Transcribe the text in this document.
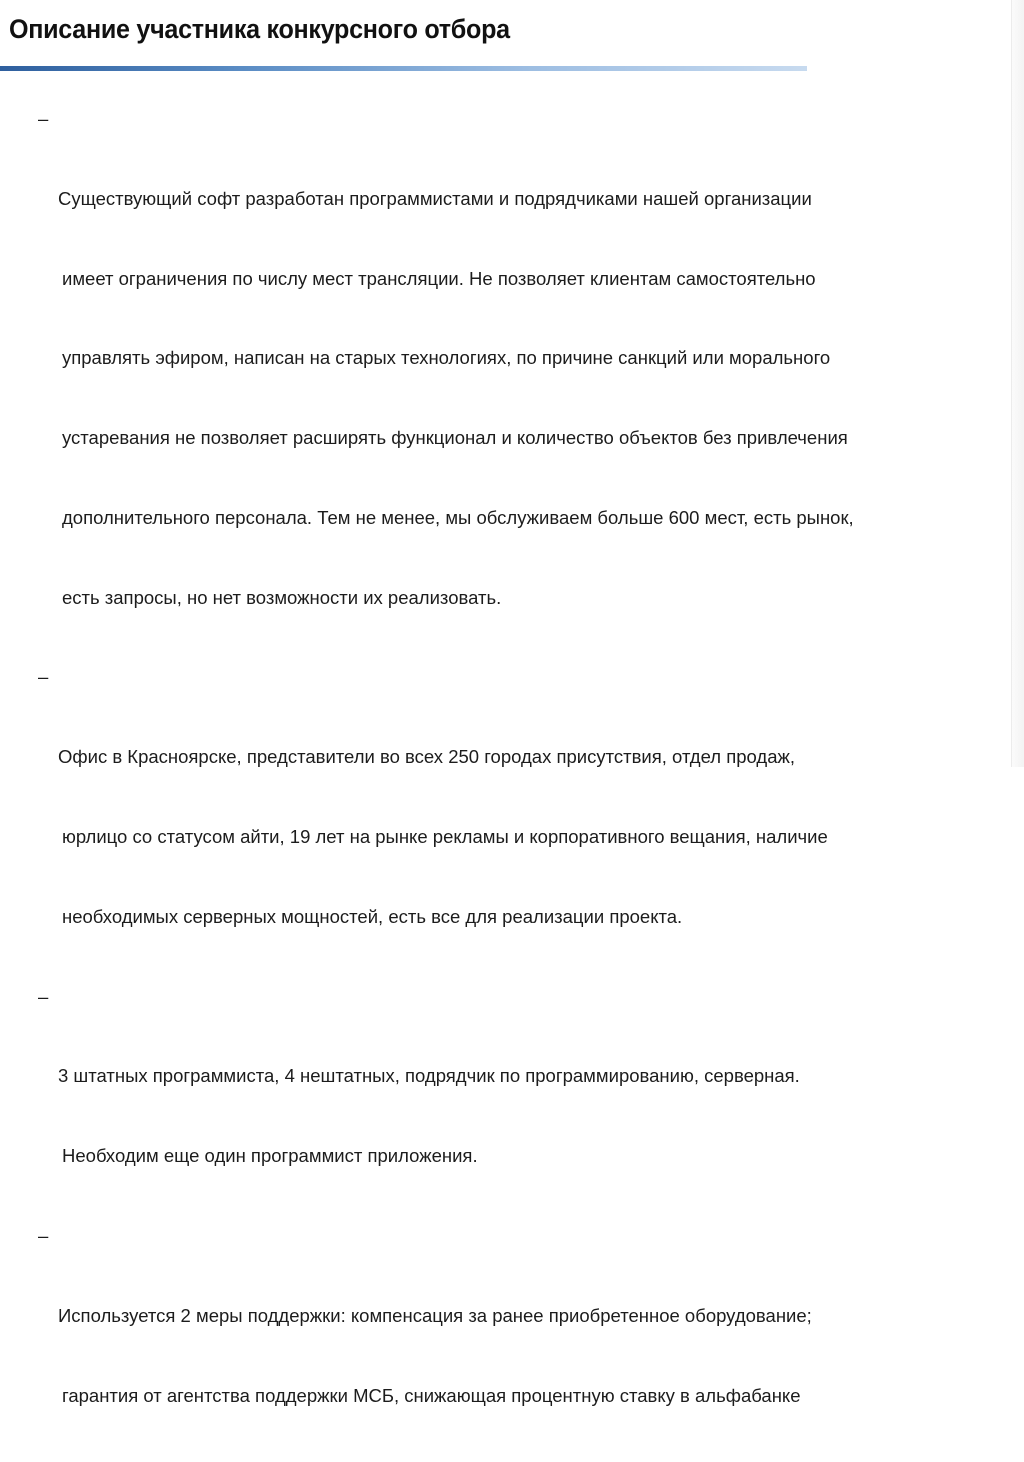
Описание участника конкурсного отбора

–

Существующий софт разработан программистами и подрядчиками нашей организации

имеет ограничения по числу мест трансляции. Не позволяет клиентам самостоятельно

управлять эфиром, написан на старых технологиях, по причине санкций или морального

устаревания не позволяет расширять функционал и количество объектов без привлечения

дополнительного персонала. Тем не менее, мы обслуживаем больше 600 мест, есть рынок,

есть запросы, но нет возможности их реализовать.

–

Офис в Красноярске, представители во всех 250 городах присутствия, отдел продаж,

юрлицо со статусом айти, 19 лет на рынке рекламы и корпоративного вещания, наличие

необходимых серверных мощностей, есть все для реализации проекта.

–

3 штатных программиста, 4 нештатных, подрядчик по программированию, серверная.

Необходим еще один программист приложения.

–

Используется 2 меры поддержки: компенсация за ранее приобретенное оборудование;

гарантия от агентства поддержки МСБ, снижающая процентную ставку в альфабанке
